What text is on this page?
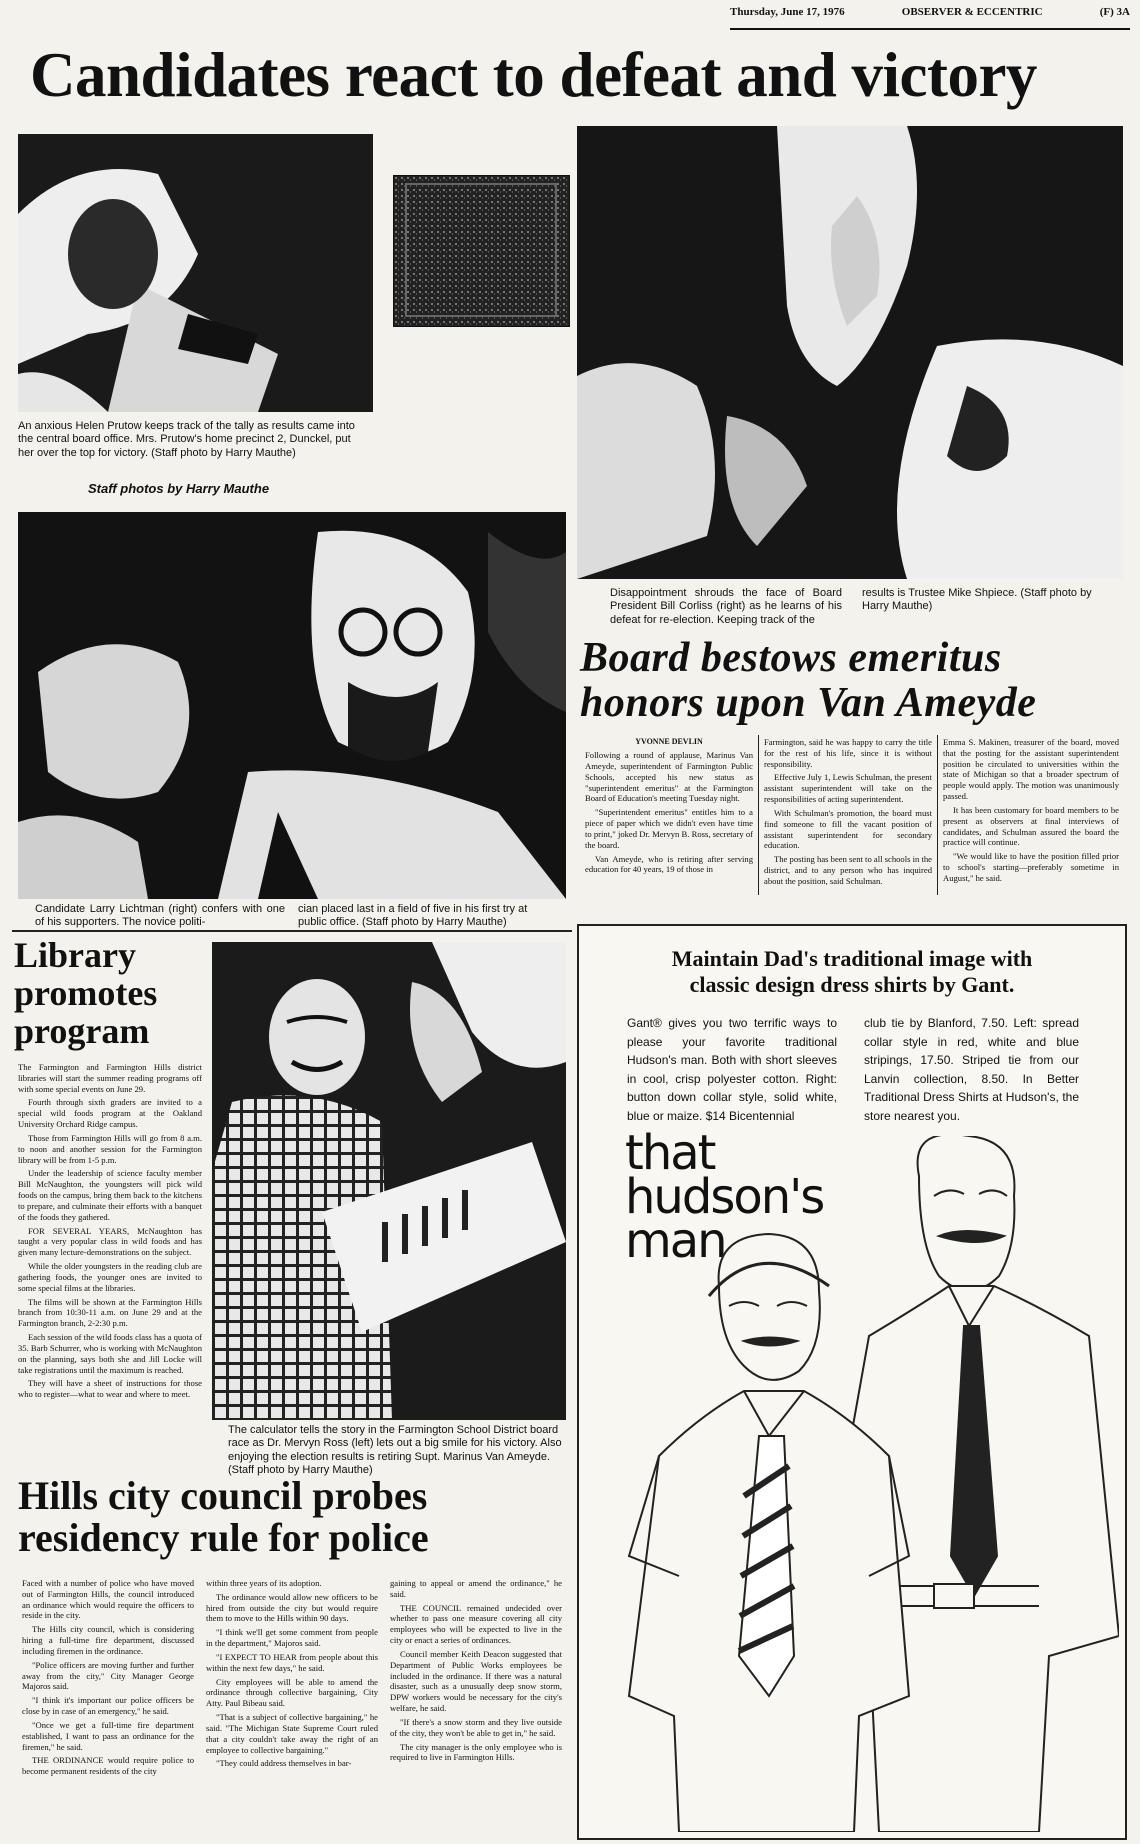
Thursday, June 17, 1976	OBSERVER & ECCENTRIC	(F) 3A
Candidates react to defeat and victory
An anxious Helen Prutow keeps track of the tally as results came into the central board office. Mrs. Prutow's home precinct 2, Dunckel, put her over the top for victory. (Staff photo by Harry Mauthe)
Staff photos by Harry Mauthe
Disappointment shrouds the face of Board President Bill Corliss (right) as he learns of his defeat for re-election. Keeping track of the
results is Trustee Mike Shpiece. (Staff photo by Harry Mauthe)
Candidate Larry Lichtman (right) confers with one of his supporters. The novice politi-
cian placed last in a field of five in his first try at public office. (Staff photo by Harry Mauthe)
Board bestows emeritus
honors upon Van Ameyde

YVONNE DEVLIN

Following a round of applause, Marinus Van Ameyde, superintendent of Farmington Public Schools, accepted his new status as "superintendent emeritus" at the Farmington Board of Education's meeting Tuesday night.

"Superintendent emeritus" entitles him to a piece of paper which we didn't even have time to print," joked Dr. Mervyn B. Ross, secretary of the board.

Van Ameyde, who is retiring after serving education for 40 years, 19 of those in

Farmington, said he was happy to carry the title for the rest of his life, since it is without responsibility.

Effective July 1, Lewis Schulman, the present assistant superintendent will take on the responsibilities of acting superintendent.

With Schulman's promotion, the board must find someone to fill the vacant position of assistant superintendent for secondary education.

The posting has been sent to all schools in the district, and to any person who has inquired about the position, said Schulman.

Emma S. Makinen, treasurer of the board, moved that the posting for the assistant superintendent position be circulated to universities within the state of Michigan so that a broader spectrum of people would apply. The motion was unanimously passed.

It has been customary for board members to be present as observers at final interviews of candidates, and Schulman assured the board the practice will continue.

"We would like to have the position filled prior to school's starting—preferably sometime in August," he said.

Library
promotes
program

The Farmington and Farmington Hills district libraries will start the summer reading programs off with some special events on June 29.

Fourth through sixth graders are invited to a special wild foods program at the Oakland University Orchard Ridge campus.

Those from Farmington Hills will go from 8 a.m. to noon and another session for the Farmington library will be from 1-5 p.m.

Under the leadership of science faculty member Bill McNaughton, the youngsters will pick wild foods on the campus, bring them back to the kitchens to prepare, and culminate their efforts with a banquet of the foods they gathered.

FOR SEVERAL YEARS, McNaughton has taught a very popular class in wild foods and has given many lecture-demonstrations on the subject.

While the older youngsters in the reading club are gathering foods, the younger ones are invited to some special films at the libraries.

The films will be shown at the Farmington Hills branch from 10:30-11 a.m. on June 29 and at the Farmington branch, 2-2:30 p.m.

Each session of the wild foods class has a quota of 35. Barb Schurrer, who is working with McNaughton on the planning, says both she and Jill Locke will take registrations until the maximum is reached.

They will have a sheet of instructions for those who to register—what to wear and where to meet.

The calculator tells the story in the Farmington School District board race as Dr. Mervyn Ross (left) lets out a big smile for his victory. Also enjoying the election results is retiring Supt. Marinus Van Ameyde. (Staff photo by Harry Mauthe)
Hills city council probes
residency rule for police

Faced with a number of police who have moved out of Farmington Hills, the council introduced an ordinance which would require the officers to reside in the city.

The Hills city council, which is considering hiring a full-time fire department, discussed including firemen in the ordinance.

"Police officers are moving further and further away from the city," City Manager George Majoros said.

"I think it's important our police officers be close by in case of an emergency," he said.

"Once we get a full-time fire department established, I want to pass an ordinance for the firemen," he said.

THE ORDINANCE would require police to become permanent residents of the city

within three years of its adoption.

The ordinance would allow new officers to be hired from outside the city but would require them to move to the Hills within 90 days.

"I think we'll get some comment from people in the department," Majoros said.

"I EXPECT TO HEAR from people about this within the next few days," he said.

City employees will be able to amend the ordinance through collective bargaining, City Atty. Paul Bibeau said.

"That is a subject of collective bargaining," he said. "The Michigan State Supreme Court ruled that a city couldn't take away the right of an employee to collective bargaining."

"They could address themselves in bar-

gaining to appeal or amend the ordinance," he said.

THE COUNCIL remained undecided over whether to pass one measure covering all city employees who will be expected to live in the city or enact a series of ordinances.

Council member Keith Deacon suggested that Department of Public Works employees be included in the ordinance. If there was a natural disaster, such as a unusually deep snow storm, DPW workers would be necessary for the city's welfare, he said.

"If there's a snow storm and they live outside of the city, they won't be able to get in," he said.

The city manager is the only employee who is required to live in Farmington Hills.

Maintain Dad's traditional image with
classic design dress shirts by Gant.
Gant® gives you two terrific ways to please your favorite traditional Hudson's man. Both with short sleeves in cool, crisp polyester cotton. Right: button down collar style, solid white, blue or maize. $14 Bicentennial
club tie by Blanford, 7.50. Left: spread collar style in red, white and blue stripings, 17.50. Striped tie from our Lanvin collection, 8.50. In Better Traditional Dress Shirts at Hudson's, the store nearest you.
that
hudson's
man
